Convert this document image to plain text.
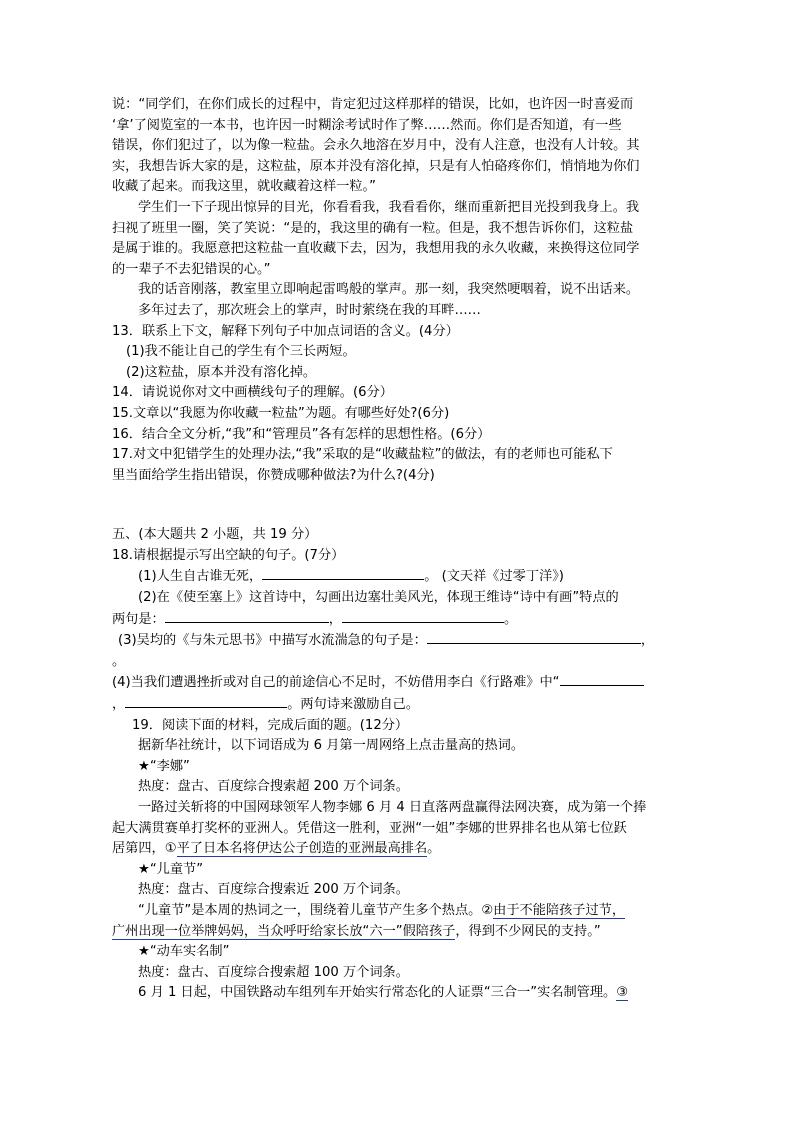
说：“同学们，在你们成长的过程中，肯定犯过这样那样的错误，比如，也许因一时喜爱而

‘拿’了阅览室的一本书，也许因一时糊涂考试时作了弊……然而。你们是否知道，有一些

错误，你们犯过了，以为像一粒盐。会永久地溶在岁月中，没有人注意，也没有人计较。其

实，我想告诉大家的是，这粒盐，原本并没有溶化掉，只是有人怕硌疼你们，悄悄地为你们

收藏了起来。而我这里，就收藏着这样一粒。”

学生们一下子现出惊异的目光，你看看我，我看看你，继而重新把目光投到我身上。我

扫视了班里一圈，笑了笑说：“是的，我这里的确有一粒。但是，我不想告诉你们，这粒盐

是属于谁的。我愿意把这粒盐一直收藏下去，因为，我想用我的永久收藏，来换得这位同学

的一辈子不去犯错误的心。”

我的话音刚落，教室里立即响起雷鸣般的掌声。那一刻，我突然哽咽着，说不出话来。

多年过去了，那次班会上的掌声，时时萦绕在我的耳畔……

13．联系上下文，解释下列句子中加点词语的含义。(4分）

(1)我不能让自己的学生有个三长两短。

(2)这粒盐，原本并没有溶化掉。

14．请说说你对文中画横线句子的理解。(6分）

15.文章以“我愿为你收藏一粒盐”为题。有哪些好处?(6分)

16．结合全文分析,“我”和“管理员”各有怎样的思想性格。(6分）

17.对文中犯错学生的处理办法,“我”采取的是“收藏盐粒”的做法，有的老师也可能私下

里当面给学生指出错误，你赞成哪种做法?为什么?(4分)

五、(本大题共 2 小题，共 19 分）

18.请根据提示写出空缺的句子。(7分）

(1)人生自古谁无死，	。 (文天祥《过零丁洋》)

(2)在《使至塞上》这首诗中，勾画出边塞壮美风光，体现王维诗“诗中有画”特点的

两句是：	，	。

(3)吴均的《与朱元思书》中描写水流湍急的句子是：	，

。

(4)当我们遭遇挫折或对自己的前途信心不足时，不妨借用李白《行路难》中“

，	。两句诗来激励自己。

19．阅读下面的材料，完成后面的题。(12分）

据新华社统计，以下词语成为 6 月第一周网络上点击量高的热词。

★“李娜”

热度：盘古、百度综合搜索超 200 万个词条。

一路过关斩将的中国网球领军人物李娜 6 月 4 日直落两盘赢得法网决赛，成为第一个捧

起大满贯赛单打奖杯的亚洲人。凭借这一胜利，亚洲“一姐”李娜的世界排名也从第七位跃

居第四，①平了日本名将伊达公子创造的亚洲最高排名。

★“儿童节”

热度：盘古、百度综合搜索近 200 万个词条。

“儿童节”是本周的热词之一，围绕着儿童节产生多个热点。②由于不能陪孩子过节，

广州出现一位举牌妈妈，当众呼吁给家长放“六一”假陪孩子，得到不少网民的支持。”

★“动车实名制”

热度：盘古、百度综合搜索超 100 万个词条。

6 月 1 日起，中国铁路动车组列车开始实行常态化的人证票“三合一”实名制管理。③
